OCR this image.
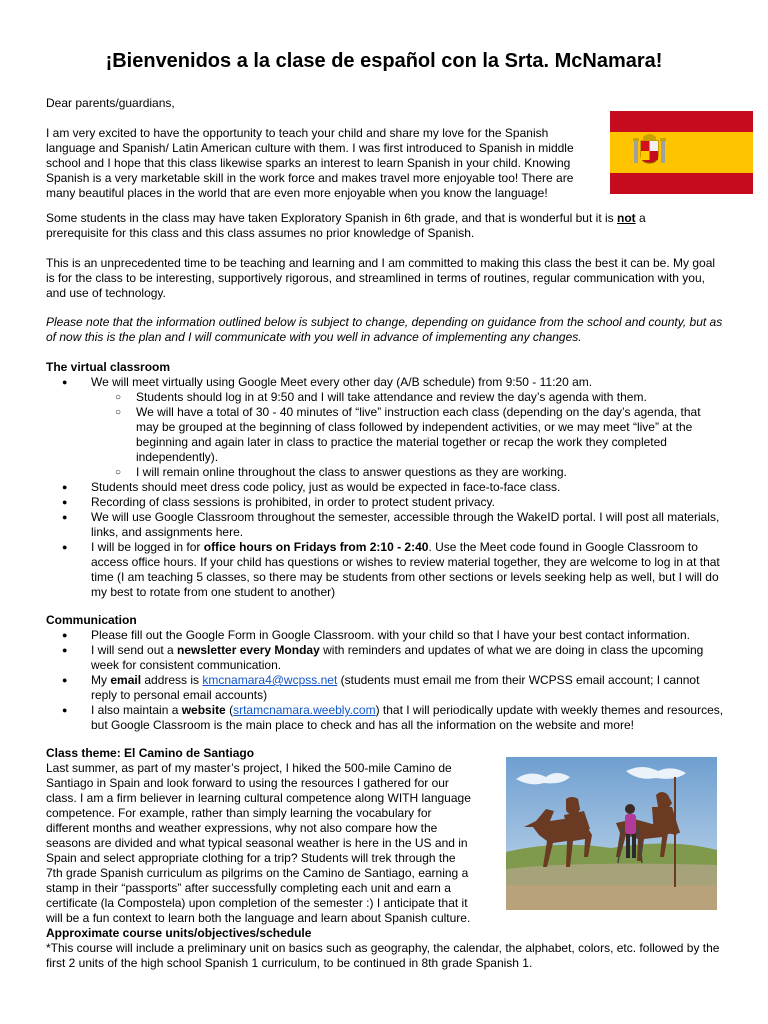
¡Bienvenidos a la clase de español con la Srta. McNamara!

Dear parents/guardians,

I am very excited to have the opportunity to teach your child and share my love for the Spanish
language and Spanish/ Latin American culture with them. I was first introduced to Spanish in middle
school and I hope that this class likewise sparks an interest to learn Spanish in your child. Knowing
Spanish is a very marketable skill in the work force and makes travel more enjoyable too! There are
many beautiful places in the world that are even more enjoyable when you know the language!
Some students in the class may have taken Exploratory Spanish in 6th grade, and that is wonderful but it is not a
prerequisite for this class and this class assumes no prior knowledge of Spanish.

This is an unprecedented time to be teaching and learning and I am committed to making this class the best it can be. My goal is for the class to be interesting, supportively rigorous, and streamlined in terms of routines, regular communication with you, and use of technology.

Please note that the information outlined below is subject to change, depending on guidance from the school and county, but as of now this is the plan and I will communicate with you well in advance of implementing any changes.

The virtual classroom
● We will meet virtually using Google Meet every other day (A/B schedule) from 9:50 - 11:20 am.
○ Students should log in at 9:50 and I will take attendance and review the day’s agenda with them.
○ We will have a total of 30 - 40 minutes of “live” instruction each class (depending on the day’s agenda, that may be grouped at the beginning of class followed by independent activities, or we may meet “live” at the beginning and again later in class to practice the material together or recap the work they completed independently).
○ I will remain online throughout the class to answer questions as they are working.
● Students should meet dress code policy, just as would be expected in face-to-face class.
● Recording of class sessions is prohibited, in order to protect student privacy.
● We will use Google Classroom throughout the semester, accessible through the WakeID portal. I will post all materials, links, and assignments here.
● I will be logged in for office hours on Fridays from 2:10 - 2:40. Use the Meet code found in Google Classroom to access office hours. If your child has questions or wishes to review material together, they are welcome to log in at that time (I am teaching 5 classes, so there may be students from other sections or levels seeking help as well, but I will do my best to rotate from one student to another)
Communication
● Please fill out the Google Form in Google Classroom. with your child so that I have your best contact information.
● I will send out a newsletter every Monday with reminders and updates of what we are doing in class the upcoming week for consistent communication.
● My email address is kmcnamara4@wcpss.net (students must email me from their WCPSS email account; I cannot reply to personal email accounts)
● I also maintain a website (srtamcnamara.weebly.com) that I will periodically update with weekly themes and resources, but Google Classroom is the main place to check and has all the information on the website and more!
Class theme: El Camino de Santiago
Last summer, as part of my master’s project, I hiked the 500-mile Camino de
Santiago in Spain and look forward to using the resources I gathered for our
class. I am a firm believer in learning cultural competence along WITH language
competence. For example, rather than simply learning the vocabulary for
different months and weather expressions, why not also compare how the
seasons are divided and what typical seasonal weather is here in the US and in
Spain and select appropriate clothing for a trip? Students will trek through the
7th grade Spanish curriculum as pilgrims on the Camino de Santiago, earning a
stamp in their “passports” after successfully completing each unit and earn a
certificate (la Compostela) upon completion of the semester :) I anticipate that it
will be a fun context to learn both the language and learn about Spanish culture.
Approximate course units/objectives/schedule

*This course will include a preliminary unit on basics such as geography, the calendar, the alphabet, colors, etc. followed by the first 2 units of the high school Spanish 1 curriculum, to be continued in 8th grade Spanish 1.
